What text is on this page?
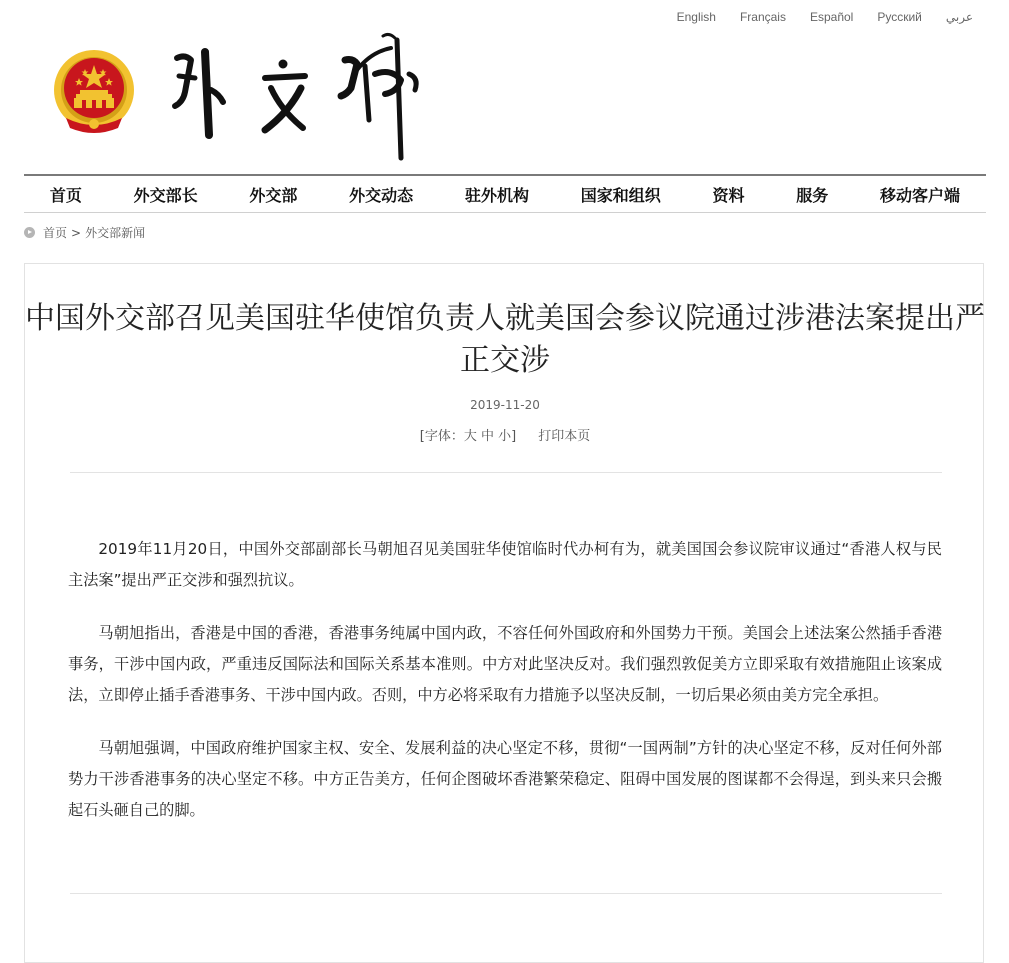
English Français Español Русский عربي
首页	外交部长	外交部	外交动态	驻外机构	国家和组织	资料	服务	移动客户端
首页 > 外交部新闻
中国外交部召见美国驻华使馆负责人就美国会参议院通过涉港法案提出严正交涉
2019-11-20
[字体：大 中 小] 打印本页

2019年11月20日，中国外交部副部长马朝旭召见美国驻华使馆临时代办柯有为，就美国国会参议院审议通过“香港人权与民主法案”提出严正交涉和强烈抗议。

马朝旭指出，香港是中国的香港，香港事务纯属中国内政，不容任何外国政府和外国势力干预。美国会上述法案公然插手香港事务，干涉中国内政，严重违反国际法和国际关系基本准则。中方对此坚决反对。我们强烈敦促美方立即采取有效措施阻止该案成法，立即停止插手香港事务、干涉中国内政。否则，中方必将采取有力措施予以坚决反制，一切后果必须由美方完全承担。

马朝旭强调，中国政府维护国家主权、安全、发展利益的决心坚定不移，贯彻“一国两制”方针的决心坚定不移，反对任何外部势力干涉香港事务的决心坚定不移。中方正告美方，任何企图破坏香港繁荣稳定、阻碍中国发展的图谋都不会得逞，到头来只会搬起石头砸自己的脚。
